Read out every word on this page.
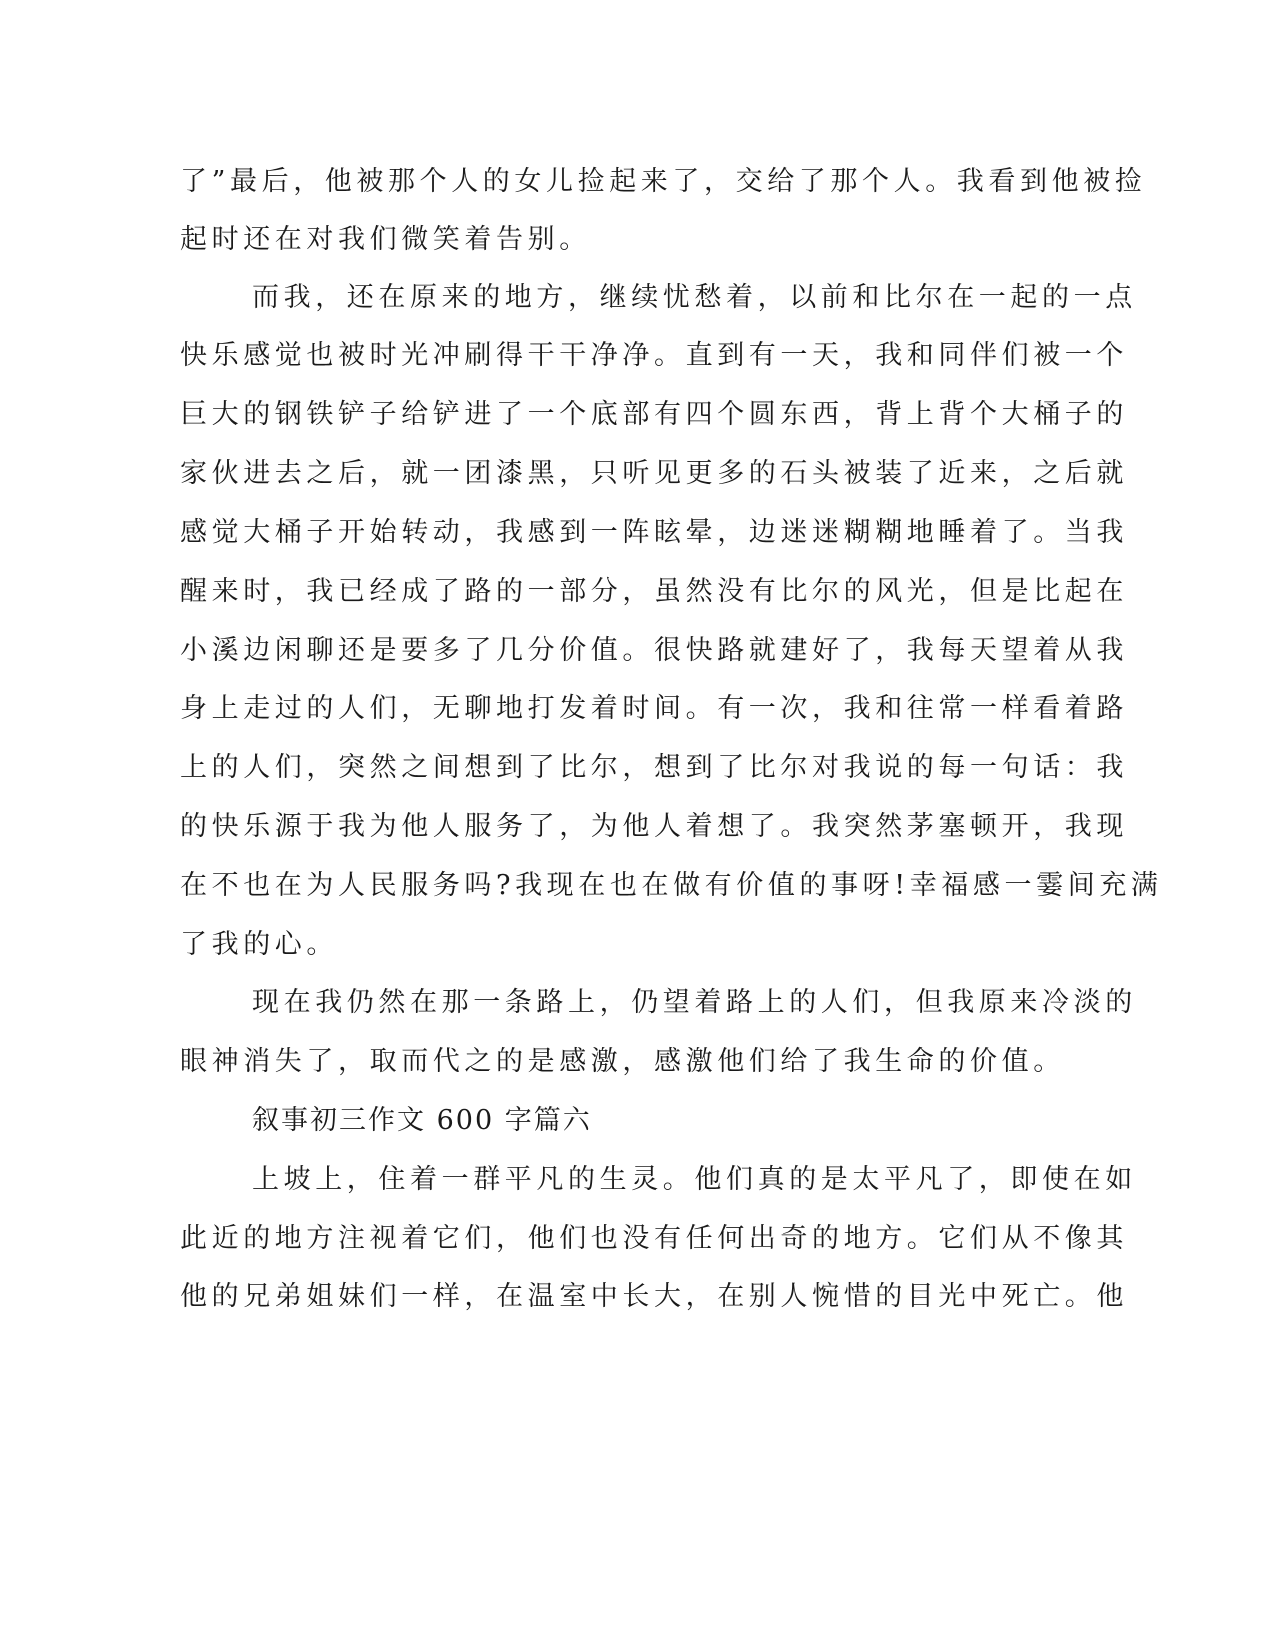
了”最后，他被那个人的女儿捡起来了，交给了那个人。我看到他被捡
起时还在对我们微笑着告别。
而我，还在原来的地方，继续忧愁着，以前和比尔在一起的一点
快乐感觉也被时光冲刷得干干净净。直到有一天，我和同伴们被一个
巨大的钢铁铲子给铲进了一个底部有四个圆东西，背上背个大桶子的
家伙进去之后，就一团漆黑，只听见更多的石头被装了近来，之后就
感觉大桶子开始转动，我感到一阵眩晕，边迷迷糊糊地睡着了。当我
醒来时，我已经成了路的一部分，虽然没有比尔的风光，但是比起在
小溪边闲聊还是要多了几分价值。很快路就建好了，我每天望着从我
身上走过的人们，无聊地打发着时间。有一次，我和往常一样看着路
上的人们，突然之间想到了比尔，想到了比尔对我说的每一句话：我
的快乐源于我为他人服务了，为他人着想了。我突然茅塞顿开，我现
在不也在为人民服务吗?我现在也在做有价值的事呀!幸福感一霎间充满
了我的心。
现在我仍然在那一条路上，仍望着路上的人们，但我原来冷淡的
眼神消失了，取而代之的是感激，感激他们给了我生命的价值。
叙事初三作文 600 字篇六
上坡上，住着一群平凡的生灵。他们真的是太平凡了，即使在如
此近的地方注视着它们，他们也没有任何出奇的地方。它们从不像其
他的兄弟姐妹们一样，在温室中长大，在别人惋惜的目光中死亡。他
